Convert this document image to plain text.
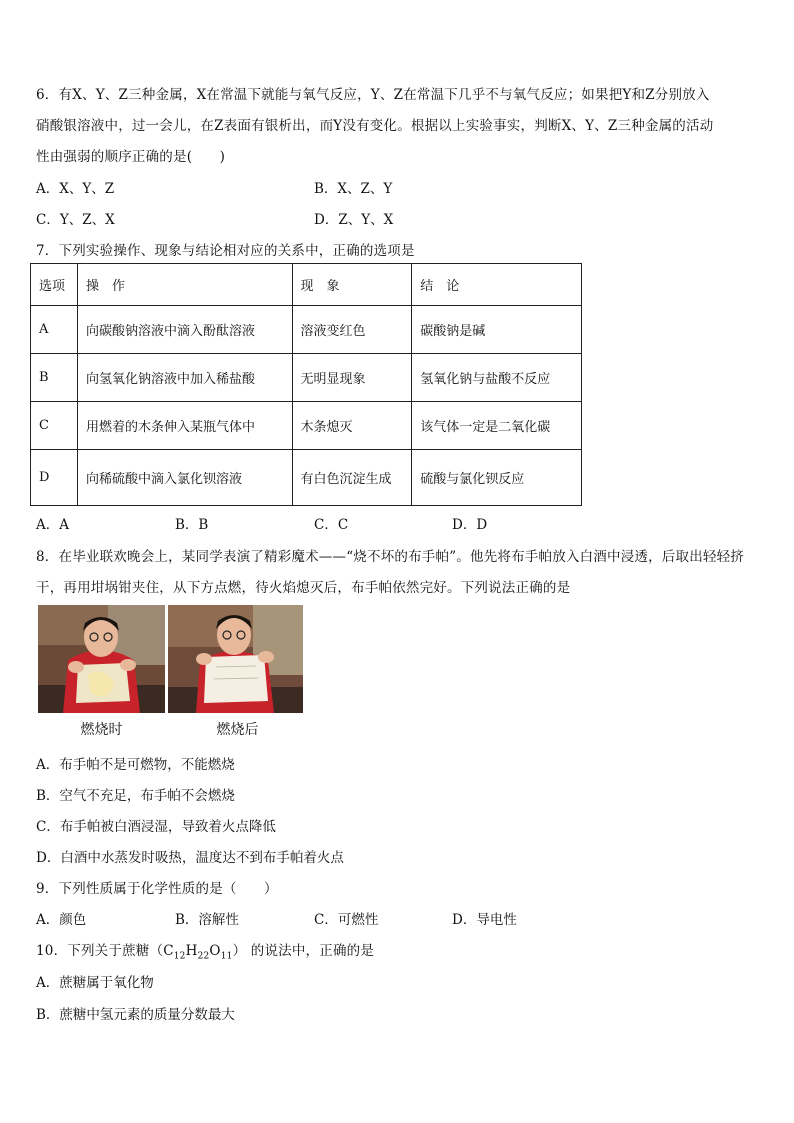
6．有X、Y、Z三种金属，X在常温下就能与氧气反应，Y、Z在常温下几乎不与氧气反应；如果把Y和Z分别放入
硝酸银溶液中，过一会儿，在Z表面有银析出，而Y没有变化。根据以上实验事实，判断X、Y、Z三种金属的活动
性由强弱的顺序正确的是(　　)
A．X、Y、Z	B．X、Z、Y
C．Y、Z、X	D．Z、Y、X
7．下列实验操作、现象与结论相对应的关系中，正确的选项是
选项	操　作	现　象	结　论
A	向碳酸钠溶液中滴入酚酞溶液	溶液变红色	碳酸钠是碱
B	向氢氧化钠溶液中加入稀盐酸	无明显现象	氢氧化钠与盐酸不反应
C	用燃着的木条伸入某瓶气体中	木条熄灭	该气体一定是二氧化碳
D	向稀硫酸中滴入氯化钡溶液	有白色沉淀生成	硫酸与氯化钡反应
A．A	B．B	C．C	D．D
8．在毕业联欢晚会上，某同学表演了精彩魔术——“烧不坏的布手帕”。他先将布手帕放入白酒中浸透，后取出轻轻挤
干，再用坩埚钳夹住，从下方点燃，待火焰熄灭后，布手帕依然完好。下列说法正确的是
燃烧时	燃烧后
A．布手帕不是可燃物，不能燃烧
B．空气不充足，布手帕不会燃烧
C．布手帕被白酒浸湿，导致着火点降低
D．白酒中水蒸发时吸热，温度达不到布手帕着火点
9．下列性质属于化学性质的是（　　）
A．颜色	B．溶解性	C．可燃性	D．导电性
10．下列关于蔗糖$(C_{12}H_{22}O_{11})$ 的说法中，正确的是
A．蔗糖属于氧化物
B．蔗糖中氢元素的质量分数最大
